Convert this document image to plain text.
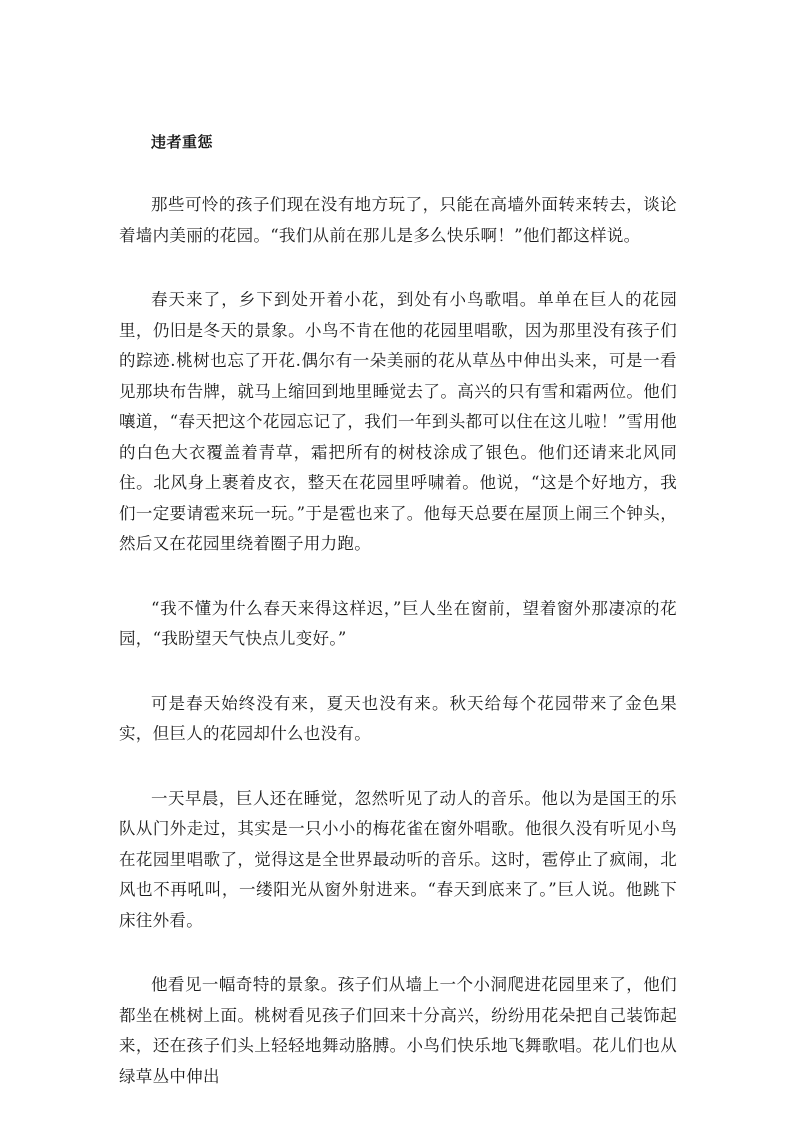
违者重惩

那些可怜的孩子们现在没有地方玩了，只能在高墙外面转来转去，谈论着墙内美丽的花园。“我们从前在那儿是多么快乐啊！”他们都这样说。

春天来了，乡下到处开着小花，到处有小鸟歌唱。单单在巨人的花园里，仍旧是冬天的景象。小鸟不肯在他的花园里唱歌，因为那里没有孩子们的踪迹.桃树也忘了开花.偶尔有一朵美丽的花从草丛中伸出头来，可是一看见那块布告牌，就马上缩回到地里睡觉去了。高兴的只有雪和霜两位。他们嚷道，“春天把这个花园忘记了，我们一年到头都可以住在这儿啦！”雪用他的白色大衣覆盖着青草，霜把所有的树枝涂成了银色。他们还请来北风同住。北风身上裹着皮衣，整天在花园里呼啸着。他说，“这是个好地方，我们一定要请雹来玩一玩。”于是雹也来了。他每天总要在屋顶上闹三个钟头，然后又在花园里绕着圈子用力跑。

“我不懂为什么春天来得这样迟，”巨人坐在窗前，望着窗外那凄凉的花园，“我盼望天气快点儿变好。”

可是春天始终没有来，夏天也没有来。秋天给每个花园带来了金色果实，但巨人的花园却什么也没有。

一天早晨，巨人还在睡觉，忽然听见了动人的音乐。他以为是国王的乐队从门外走过，其实是一只小小的梅花雀在窗外唱歌。他很久没有听见小鸟在花园里唱歌了，觉得这是全世界最动听的音乐。这时，雹停止了疯闹，北风也不再吼叫，一缕阳光从窗外射进来。“春天到底来了。”巨人说。他跳下床往外看。

他看见一幅奇特的景象。孩子们从墙上一个小洞爬进花园里来了，他们都坐在桃树上面。桃树看见孩子们回来十分高兴，纷纷用花朵把自己装饰起来，还在孩子们头上轻轻地舞动胳膊。小鸟们快乐地飞舞歌唱。花儿们也从绿草丛中伸出
